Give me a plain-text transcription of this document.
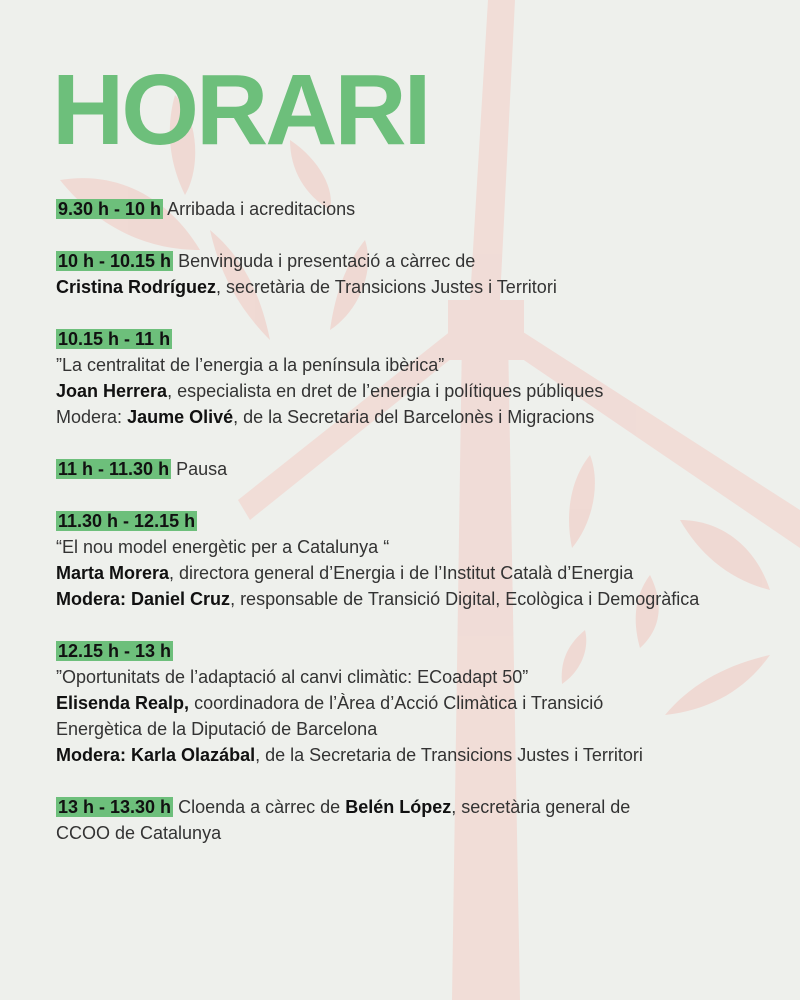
HORARI
9.30 h - 10 h Arribada i acreditacions
10 h - 10.15 h Benvinguda i presentació a càrrec de
Cristina Rodríguez, secretària de Transicions Justes i Territori
10.15 h - 11 h
”La centralitat de l’energia a la península ibèrica”
Joan Herrera, especialista en dret de l’energia i polítiques públiques
Modera: Jaume Olivé, de la Secretaria del Barcelonès i Migracions
11 h - 11.30 h Pausa
11.30 h - 12.15 h
“El nou model energètic per a Catalunya “
Marta Morera, directora general d’Energia i de l’Institut Català d’Energia
Modera: Daniel Cruz, responsable de Transició Digital, Ecològica i Demogràfica
12.15 h - 13 h
”Oportunitats de l’adaptació al canvi climàtic: ECoadapt 50”
Elisenda Realp, coordinadora de l’Àrea d’Acció Climàtica i Transició
Energètica de la Diputació de Barcelona
Modera: Karla Olazábal, de la Secretaria de Transicions Justes i Territori
13 h - 13.30 h Cloenda a càrrec de Belén López, secretària general de
CCOO de Catalunya
